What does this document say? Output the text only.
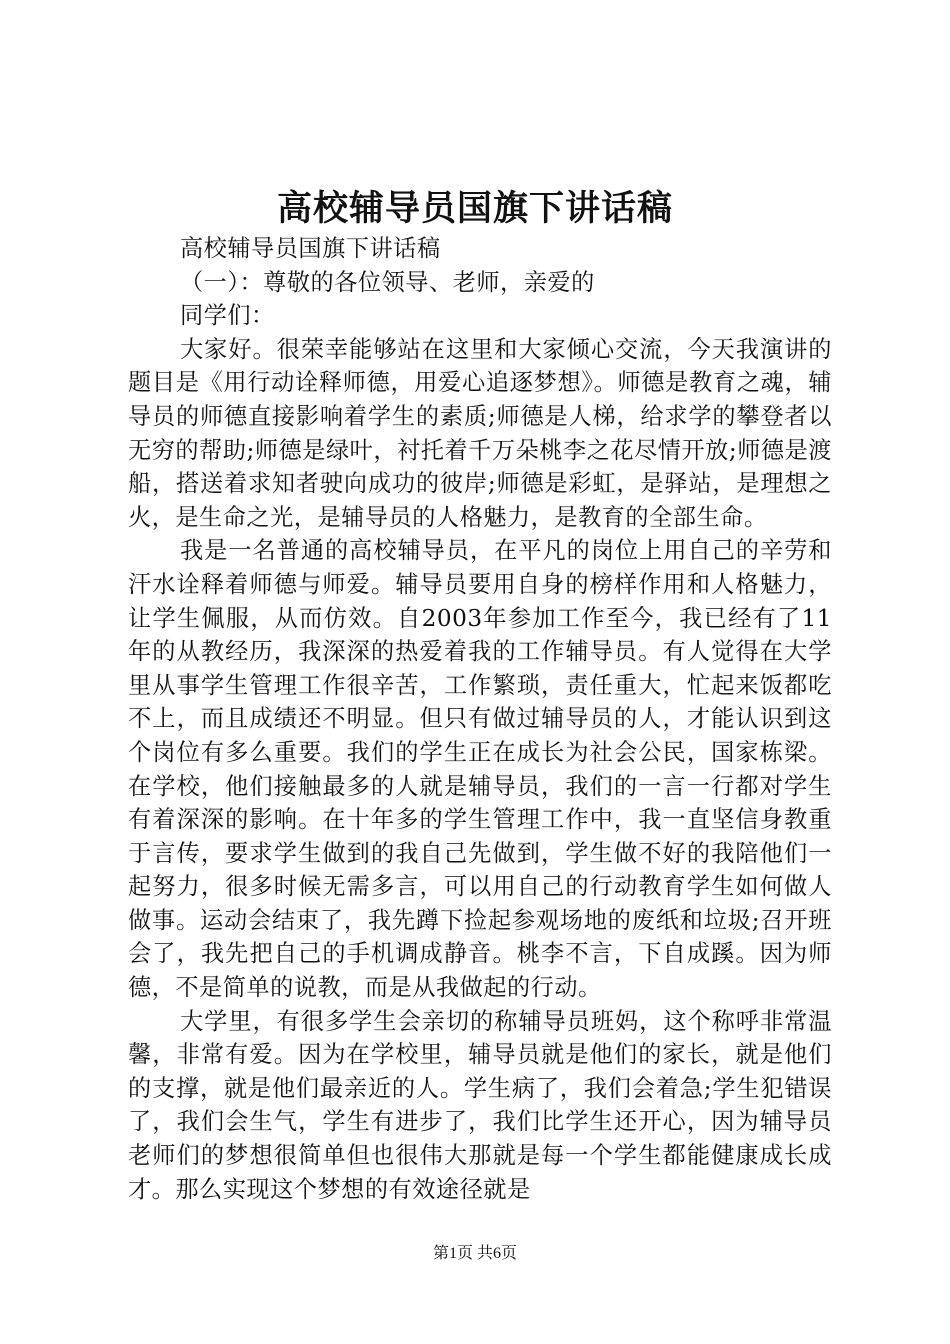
高校辅导员国旗下讲话稿
高校辅导员国旗下讲话稿
（一）：尊敬的各位领导、老师，亲爱的
同学们：

大家好。很荣幸能够站在这里和大家倾心交流，今天我演讲的题目是《用行动诠释师德，用爱心追逐梦想》。师德是教育之魂，辅导员的师德直接影响着学生的素质;师德是人梯，给求学的攀登者以无穷的帮助;师德是绿叶，衬托着千万朵桃李之花尽情开放;师德是渡船，搭送着求知者驶向成功的彼岸;师德是彩虹，是驿站，是理想之火，是生命之光，是辅导员的人格魅力，是教育的全部生命。

我是一名普通的高校辅导员，在平凡的岗位上用自己的辛劳和汗水诠释着师德与师爱。辅导员要用自身的榜样作用和人格魅力，让学生佩服，从而仿效。自2003年参加工作至今，我已经有了11年的从教经历，我深深的热爱着我的工作辅导员。有人觉得在大学里从事学生管理工作很辛苦，工作繁琐，责任重大，忙起来饭都吃不上，而且成绩还不明显。但只有做过辅导员的人，才能认识到这个岗位有多么重要。我们的学生正在成长为社会公民，国家栋梁。在学校，他们接触最多的人就是辅导员，我们的一言一行都对学生有着深深的影响。在十年多的学生管理工作中，我一直坚信身教重于言传，要求学生做到的我自己先做到，学生做不好的我陪他们一起努力，很多时候无需多言，可以用自己的行动教育学生如何做人做事。运动会结束了，我先蹲下捡起参观场地的废纸和垃圾;召开班会了，我先把自己的手机调成静音。桃李不言，下自成蹊。因为师德，不是简单的说教，而是从我做起的行动。

大学里，有很多学生会亲切的称辅导员班妈，这个称呼非常温馨，非常有爱。因为在学校里，辅导员就是他们的家长，就是他们的支撑，就是他们最亲近的人。学生病了，我们会着急;学生犯错误了，我们会生气，学生有进步了，我们比学生还开心，因为辅导员老师们的梦想很简单但也很伟大那就是每一个学生都能健康成长成才。那么实现这个梦想的有效途径就是

第1页 共6页
